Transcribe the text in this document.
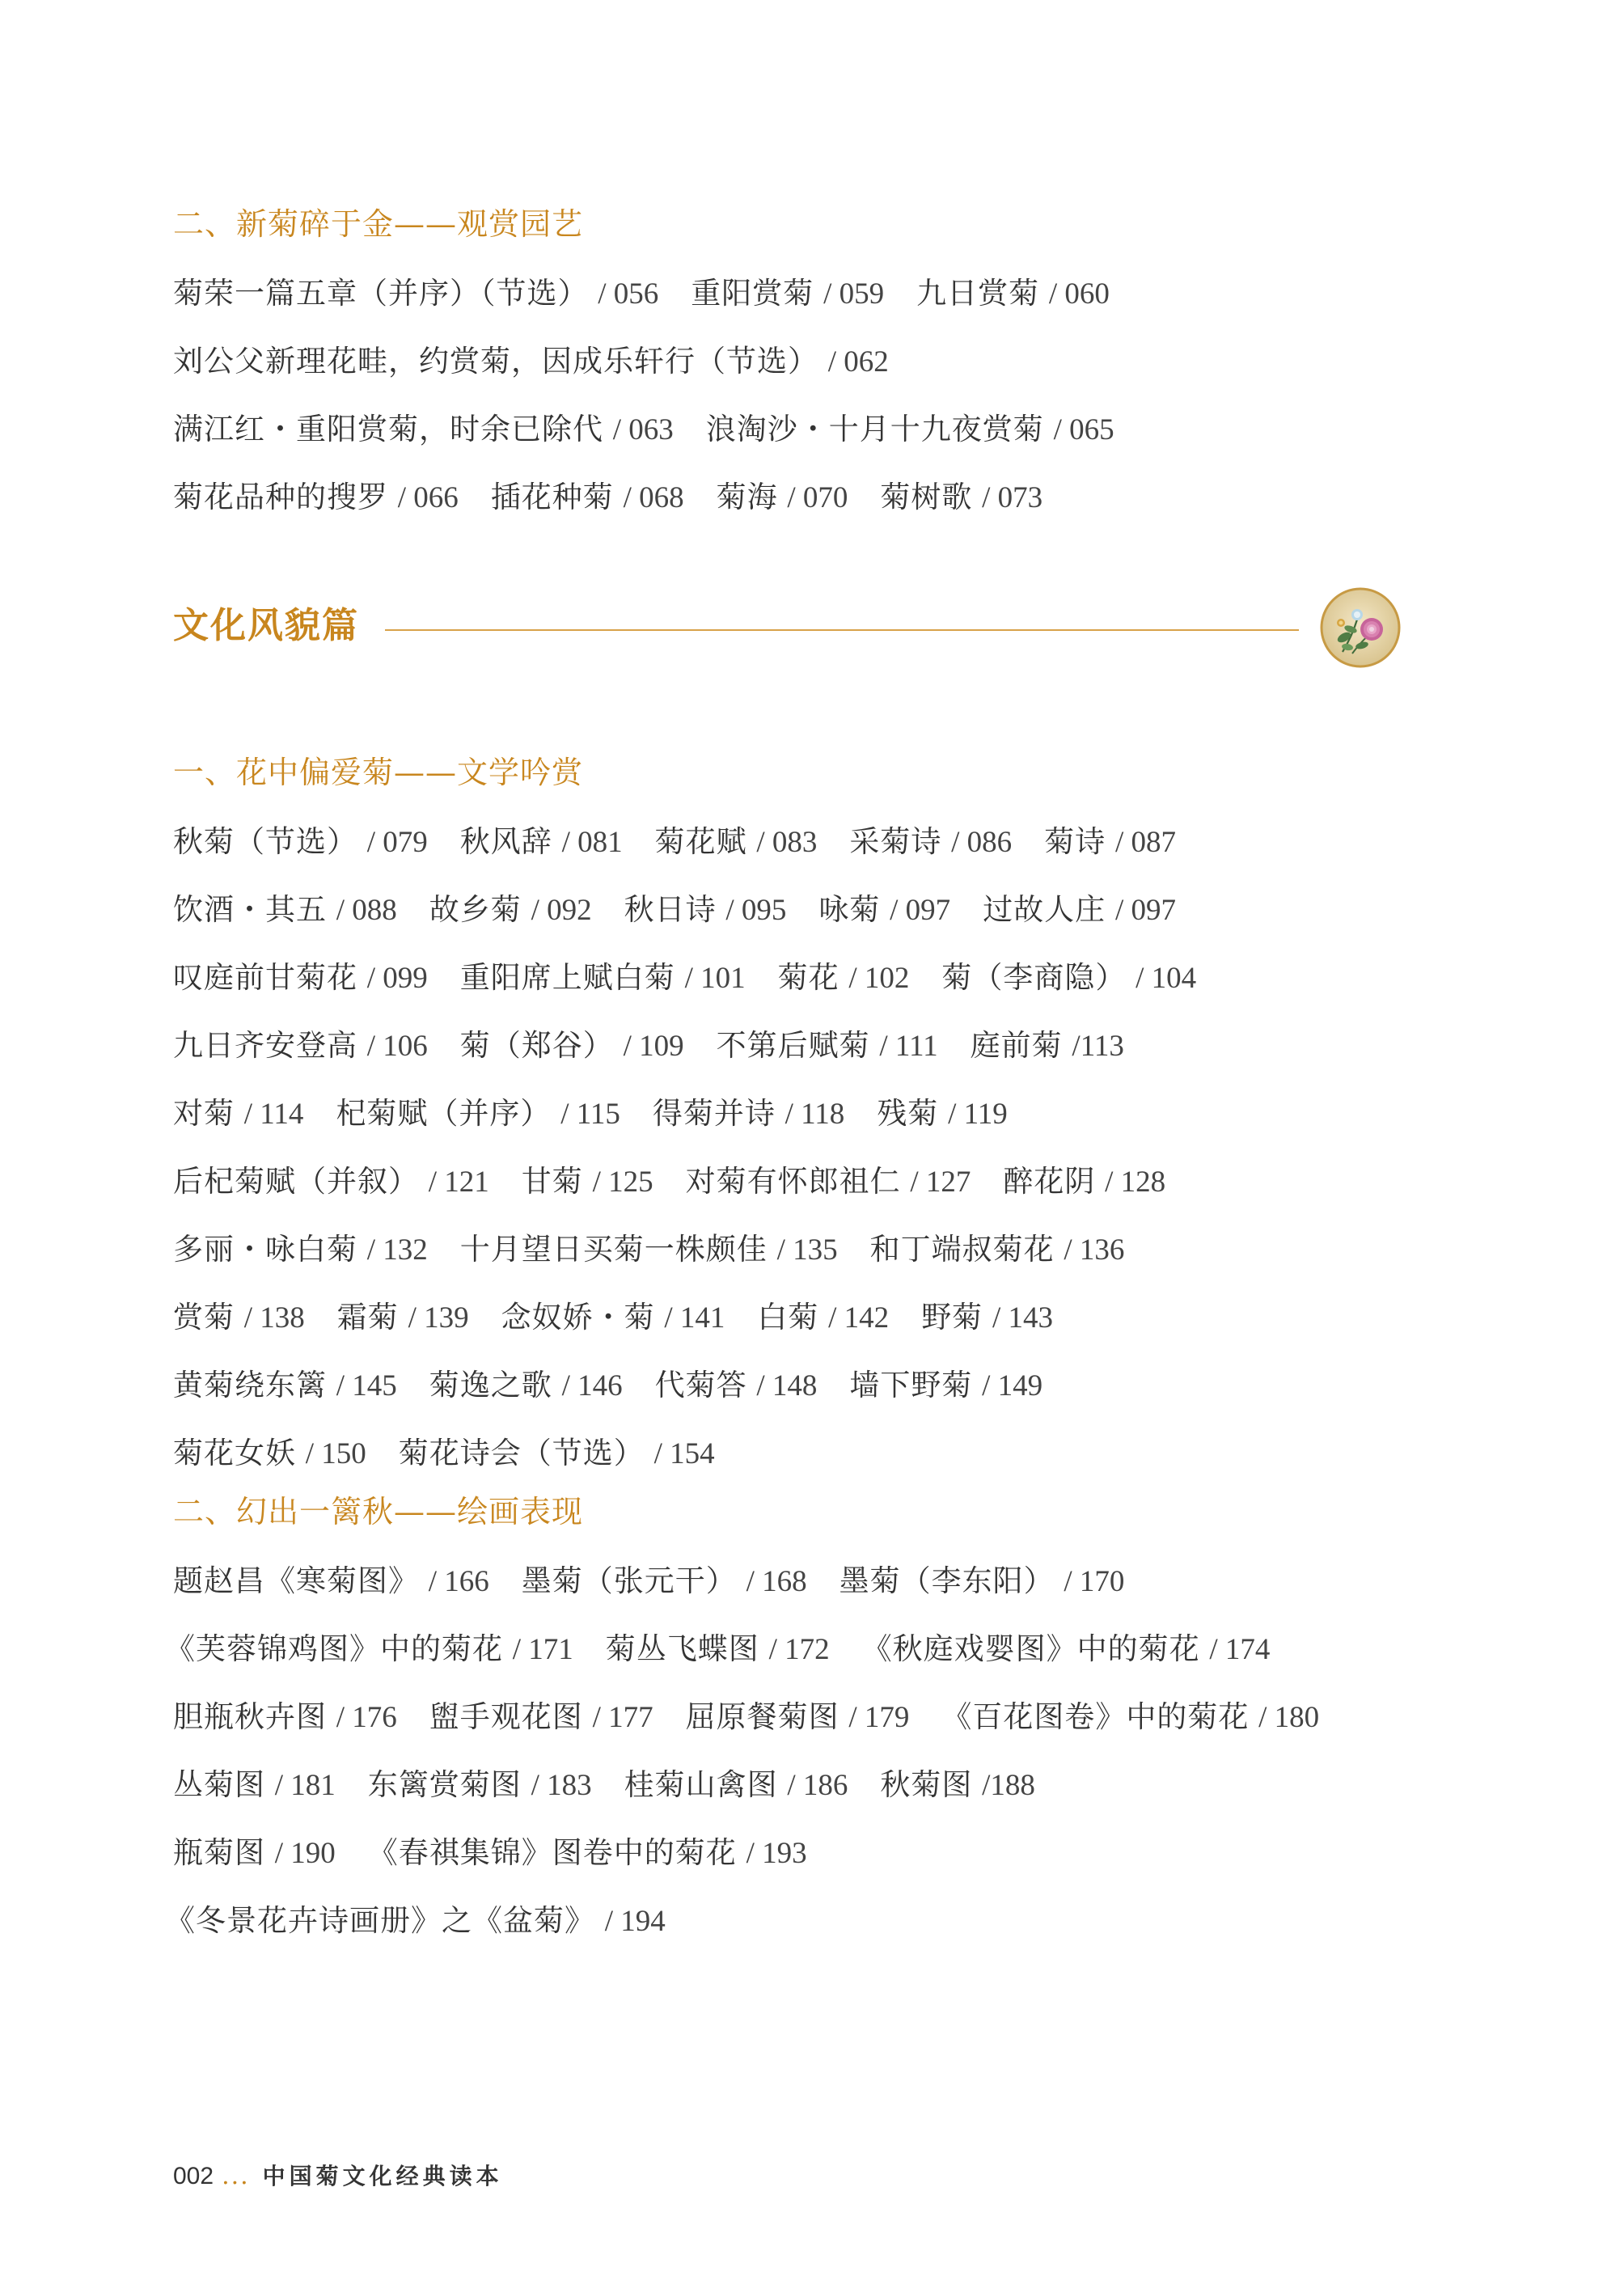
二、新菊碎于金——观赏园艺
菊荣一篇五章（并序）（节选） / 056 重阳赏菊 / 059 九日赏菊 / 060
刘公父新理花畦，约赏菊，因成乐轩行（节选） / 062
满江红・重阳赏菊，时余已除代 / 063 浪淘沙・十月十九夜赏菊 / 065
菊花品种的搜罗 / 066 插花种菊 / 068 菊海 / 070 菊树歌 / 073
文化风貌篇
一、花中偏爱菊——文学吟赏
秋菊（节选） / 079 秋风辞 / 081 菊花赋 / 083 采菊诗 / 086 菊诗 / 087
饮酒・其五 / 088 故乡菊 / 092 秋日诗 / 095 咏菊 / 097 过故人庄 / 097
叹庭前甘菊花 / 099 重阳席上赋白菊 / 101 菊花 / 102 菊（李商隐） / 104
九日齐安登高 / 106 菊（郑谷） / 109 不第后赋菊 / 111 庭前菊 /113
对菊 / 114 杞菊赋（并序） / 115 得菊并诗 / 118 残菊 / 119
后杞菊赋（并叙） / 121 甘菊 / 125 对菊有怀郎祖仁 / 127 醉花阴 / 128
多丽・咏白菊 / 132 十月望日买菊一株颇佳 / 135 和丁端叔菊花 / 136
赏菊 / 138 霜菊 / 139 念奴娇・菊 / 141 白菊 / 142 野菊 / 143
黄菊绕东篱 / 145 菊逸之歌 / 146 代菊答 / 148 墙下野菊 / 149
菊花女妖 / 150 菊花诗会（节选） / 154
二、幻出一篱秋——绘画表现
题赵昌《寒菊图》 / 166 墨菊（张元干） / 168 墨菊（李东阳） / 170
《芙蓉锦鸡图》中的菊花 / 171 菊丛飞蝶图 / 172 《秋庭戏婴图》中的菊花 / 174
胆瓶秋卉图 / 176 盥手观花图 / 177 屈原餐菊图 / 179 《百花图卷》中的菊花 / 180
丛菊图 / 181 东篱赏菊图 / 183 桂菊山禽图 / 186 秋菊图 /188
瓶菊图 / 190 《春祺集锦》图卷中的菊花 / 193
《冬景花卉诗画册》之《盆菊》 / 194
002 ... 中国菊文化经典读本
